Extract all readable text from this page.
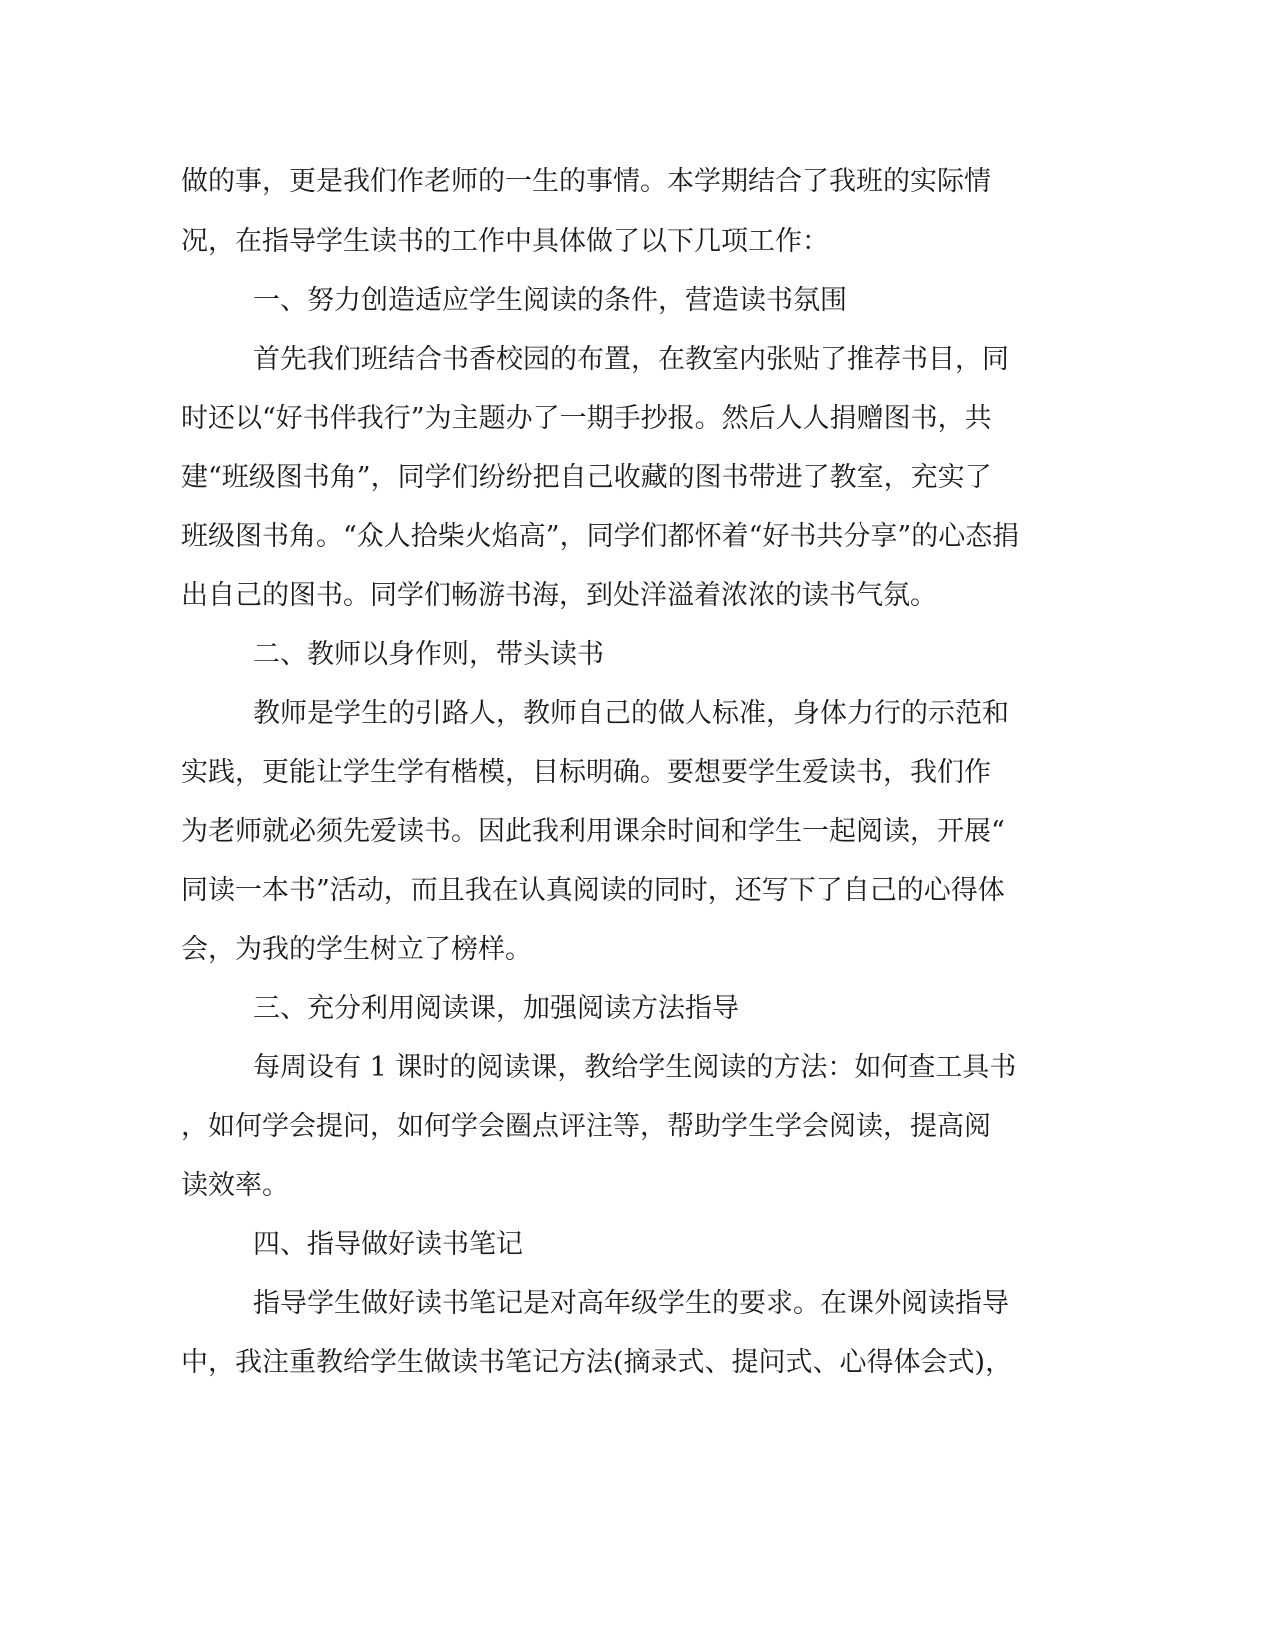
做的事，更是我们作老师的一生的事情。本学期结合了我班的实际情
况，在指导学生读书的工作中具体做了以下几项工作：
一、努力创造适应学生阅读的条件，营造读书氛围
首先我们班结合书香校园的布置，在教室内张贴了推荐书目，同
时还以“好书伴我行”为主题办了一期手抄报。然后人人捐赠图书，共
建“班级图书角”，同学们纷纷把自己收藏的图书带进了教室，充实了
班级图书角。“众人拾柴火焰高”，同学们都怀着“好书共分享”的心态捐
出自己的图书。同学们畅游书海，到处洋溢着浓浓的读书气氛。
二、教师以身作则，带头读书
教师是学生的引路人，教师自己的做人标准，身体力行的示范和
实践，更能让学生学有楷模，目标明确。要想要学生爱读书，我们作
为老师就必须先爱读书。因此我利用课余时间和学生一起阅读，开展“
同读一本书”活动，而且我在认真阅读的同时，还写下了自己的心得体
会，为我的学生树立了榜样。
三、充分利用阅读课，加强阅读方法指导
每周设有 1 课时的阅读课，教给学生阅读的方法：如何查工具书
，如何学会提问，如何学会圈点评注等，帮助学生学会阅读，提高阅
读效率。
四、指导做好读书笔记
指导学生做好读书笔记是对高年级学生的要求。在课外阅读指导
中，我注重教给学生做读书笔记方法(摘录式、提问式、心得体会式)，
